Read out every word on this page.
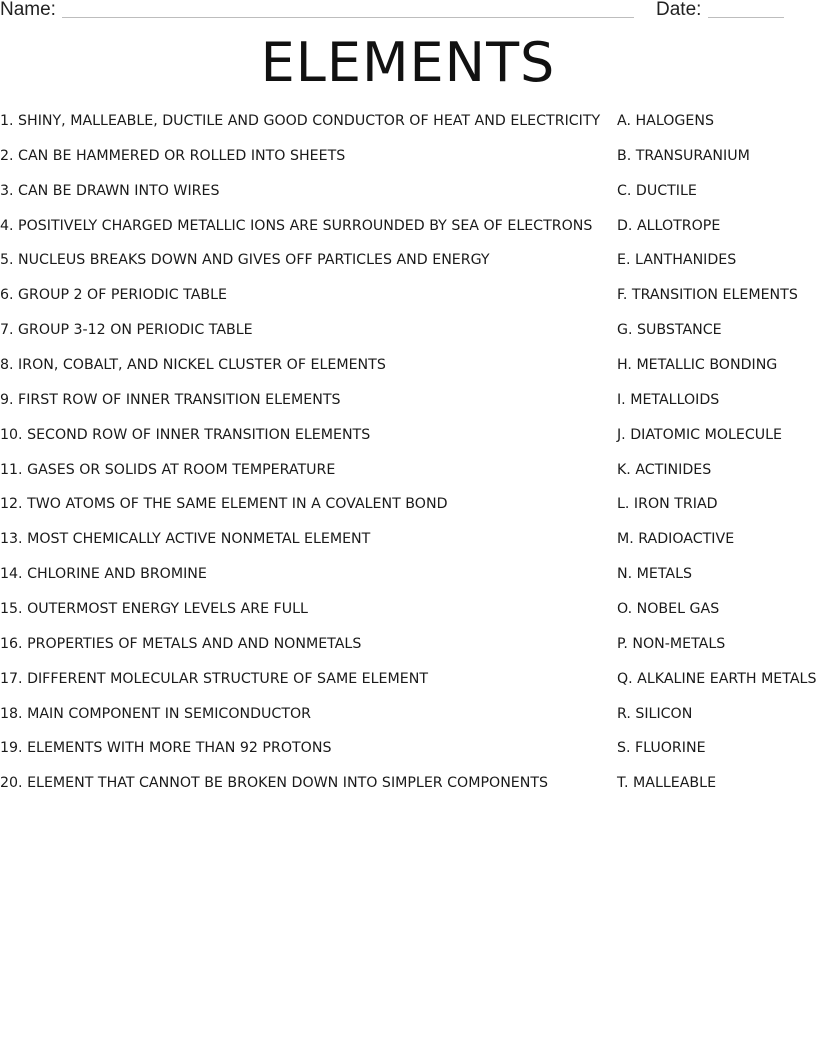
Name:	Date:
ELEMENTS
1. SHINY, MALLEABLE, DUCTILE AND GOOD CONDUCTOR OF HEAT AND ELECTRICITY A. HALOGENS
2. CAN BE HAMMERED OR ROLLED INTO SHEETS	B. TRANSURANIUM
3. CAN BE DRAWN INTO WIRES	C. DUCTILE
4. POSITIVELY CHARGED METALLIC IONS ARE SURROUNDED BY SEA OF ELECTRONS D. ALLOTROPE
5. NUCLEUS BREAKS DOWN AND GIVES OFF PARTICLES AND ENERGY	E. LANTHANIDES
6. GROUP 2 OF PERIODIC TABLE	F. TRANSITION ELEMENTS
7. GROUP 3-12 ON PERIODIC TABLE	G. SUBSTANCE
8. IRON, COBALT, AND NICKEL CLUSTER OF ELEMENTS	H. METALLIC BONDING
9. FIRST ROW OF INNER TRANSITION ELEMENTS	I. METALLOIDS
10. SECOND ROW OF INNER TRANSITION ELEMENTS	J. DIATOMIC MOLECULE
11. GASES OR SOLIDS AT ROOM TEMPERATURE	K. ACTINIDES
12. TWO ATOMS OF THE SAME ELEMENT IN A COVALENT BOND	L. IRON TRIAD
13. MOST CHEMICALLY ACTIVE NONMETAL ELEMENT	M. RADIOACTIVE
14. CHLORINE AND BROMINE	N. METALS
15. OUTERMOST ENERGY LEVELS ARE FULL	O. NOBEL GAS
16. PROPERTIES OF METALS AND AND NONMETALS	P. NON-METALS
17. DIFFERENT MOLECULAR STRUCTURE OF SAME ELEMENT	Q. ALKALINE EARTH METALS
18. MAIN COMPONENT IN SEMICONDUCTOR	R. SILICON
19. ELEMENTS WITH MORE THAN 92 PROTONS	S. FLUORINE
20. ELEMENT THAT CANNOT BE BROKEN DOWN INTO SIMPLER COMPONENTS	T. MALLEABLE
